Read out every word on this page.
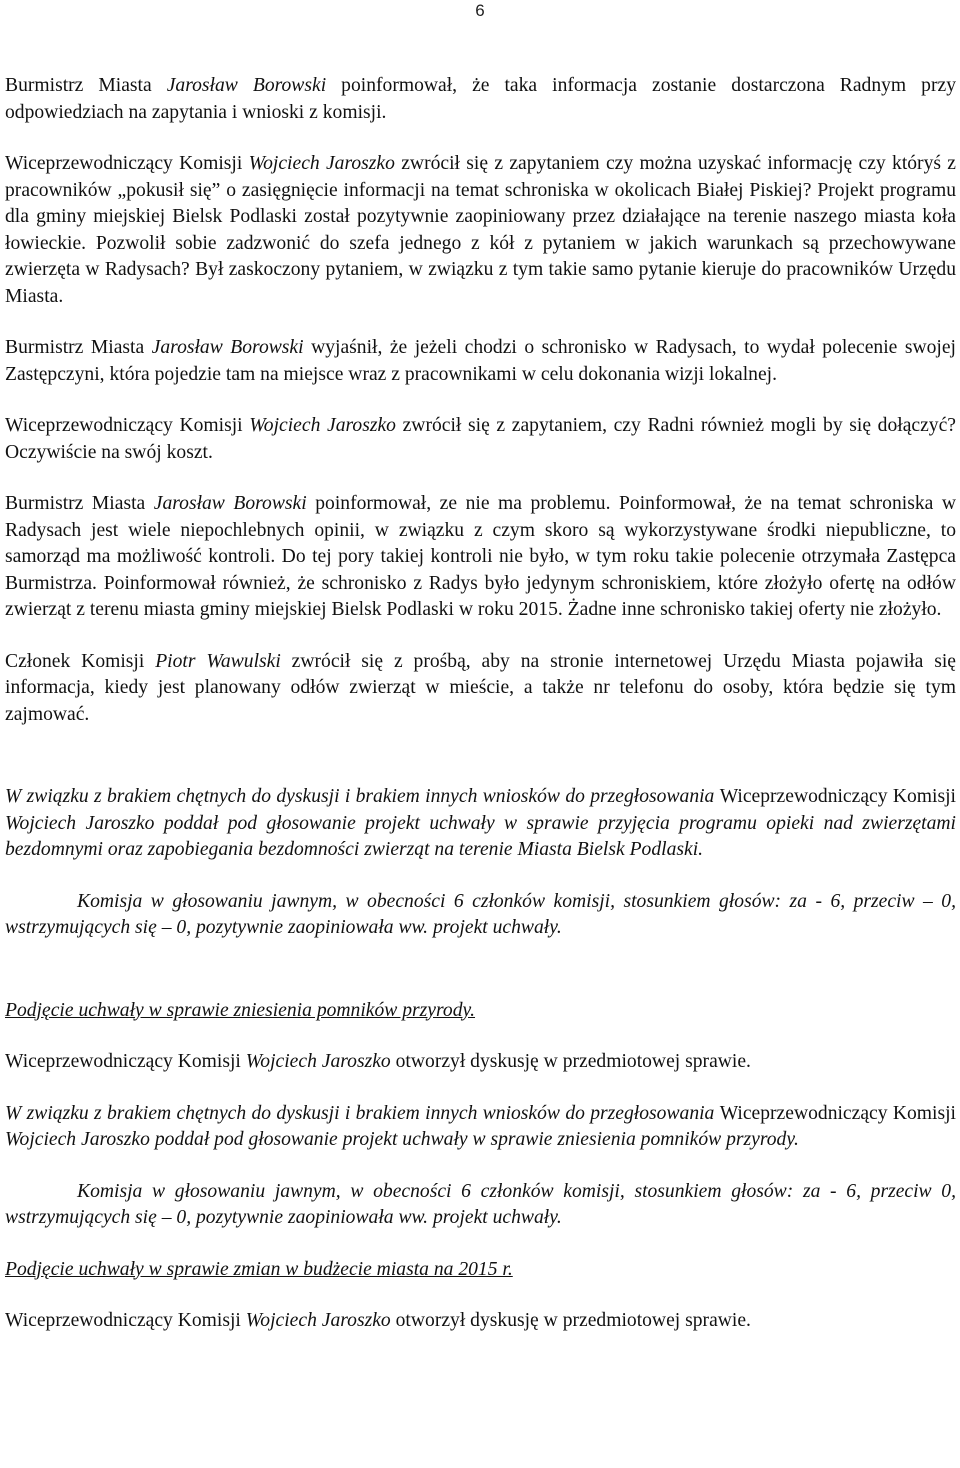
6

Burmistrz Miasta Jarosław Borowski poinformował, że taka informacja zostanie dostarczona Radnym przy odpowiedziach na zapytania i wnioski z komisji.

Wiceprzewodniczący Komisji Wojciech Jaroszko zwrócił się z zapytaniem czy można uzyskać informację czy któryś z pracowników „pokusił się” o zasięgnięcie informacji na temat schroniska w okolicach Białej Piskiej? Projekt programu dla gminy miejskiej Bielsk Podlaski został pozytywnie zaopiniowany przez działające na terenie naszego miasta koła łowieckie. Pozwolił sobie zadzwonić do szefa jednego z kół z pytaniem w jakich warunkach są przechowywane zwierzęta w Radysach? Był zaskoczony pytaniem, w związku z tym takie samo pytanie kieruje do pracowników Urzędu Miasta.

Burmistrz Miasta Jarosław Borowski wyjaśnił, że jeżeli chodzi o schronisko w Radysach, to wydał polecenie swojej Zastępczyni, która pojedzie tam na miejsce wraz z pracownikami w celu dokonania wizji lokalnej.

Wiceprzewodniczący Komisji Wojciech Jaroszko zwrócił się z zapytaniem, czy Radni również mogli by się dołączyć? Oczywiście na swój koszt.

Burmistrz Miasta Jarosław Borowski poinformował, ze nie ma problemu. Poinformował, że na temat schroniska w Radysach jest wiele niepochlebnych opinii, w związku z czym skoro są wykorzystywane środki niepubliczne, to samorząd ma możliwość kontroli. Do tej pory takiej kontroli nie było, w tym roku takie polecenie otrzymała Zastępca Burmistrza. Poinformował również, że schronisko z Radys było jedynym schroniskiem, które złożyło ofertę na odłów zwierząt z terenu miasta gminy miejskiej Bielsk Podlaski w roku 2015. Żadne inne schronisko takiej oferty nie złożyło.

Członek Komisji Piotr Wawulski zwrócił się z prośbą, aby na stronie internetowej Urzędu Miasta pojawiła się informacja, kiedy jest planowany odłów zwierząt w mieście, a także nr telefonu do osoby, która będzie się tym zajmować.

W związku z brakiem chętnych do dyskusji i brakiem innych wniosków do przegłosowania Wiceprzewodniczący Komisji Wojciech Jaroszko poddał pod głosowanie projekt uchwały w sprawie przyjęcia programu opieki nad zwierzętami bezdomnymi oraz zapobiegania bezdomności zwierząt na terenie Miasta Bielsk Podlaski.

Komisja w głosowaniu jawnym, w obecności 6 członków komisji, stosunkiem głosów: za - 6, przeciw – 0, wstrzymujących się – 0, pozytywnie zaopiniowała ww. projekt uchwały.

Podjęcie uchwały w sprawie zniesienia pomników przyrody.

Wiceprzewodniczący Komisji Wojciech Jaroszko otworzył dyskusję w przedmiotowej sprawie.

W związku z brakiem chętnych do dyskusji i brakiem innych wniosków do przegłosowania Wiceprzewodniczący Komisji Wojciech Jaroszko poddał pod głosowanie projekt uchwały w sprawie zniesienia pomników przyrody.

Komisja w głosowaniu jawnym, w obecności 6 członków komisji, stosunkiem głosów: za - 6, przeciw 0, wstrzymujących się – 0, pozytywnie zaopiniowała ww. projekt uchwały.

Podjęcie uchwały w sprawie zmian w budżecie miasta na 2015 r.

Wiceprzewodniczący Komisji Wojciech Jaroszko otworzył dyskusję w przedmiotowej sprawie.
